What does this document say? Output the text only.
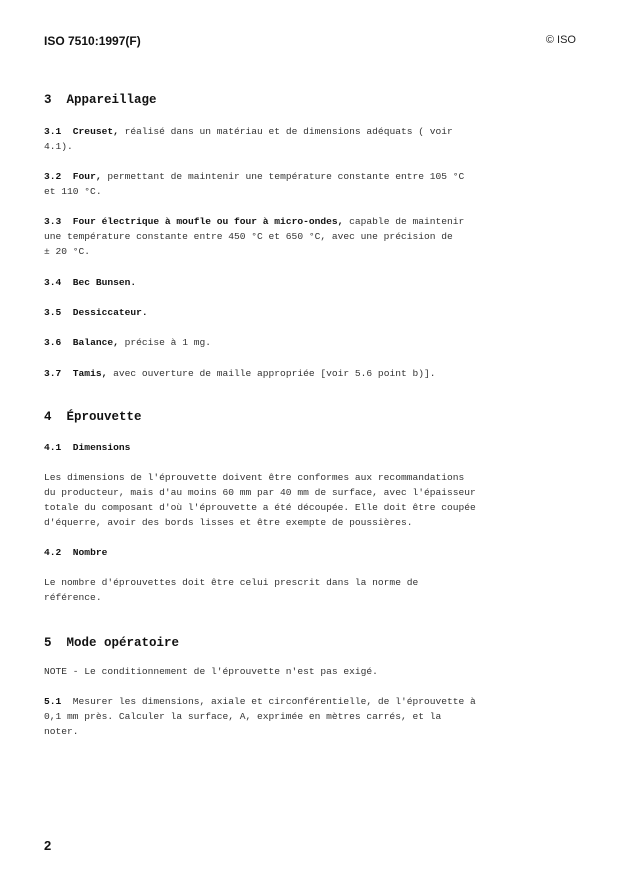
ISO 7510:1997(F)	© ISO
3  Appareillage
3.1 Creuset, réalisé dans un matériau et de dimensions adéquats ( voir
4.1).
3.2 Four, permettant de maintenir une température constante entre 105 °C
et 110 °C.
3.3 Four électrique à moufle ou four à micro-ondes, capable de maintenir
une température constante entre 450 °C et 650 °C, avec une précision de
± 20 °C.
3.4 Bec Bunsen.
3.5 Dessiccateur.
3.6 Balance, précise à 1 mg.
3.7 Tamis, avec ouverture de maille appropriée [voir 5.6 point b)].
4  Éprouvette
4.1 Dimensions
Les dimensions de l'éprouvette doivent être conformes aux recommandations
du producteur, mais d'au moins 60 mm par 40 mm de surface, avec l'épaisseur
totale du composant d'où l'éprouvette a été découpée. Elle doit être coupée
d'équerre, avoir des bords lisses et être exempte de poussières.
4.2 Nombre
Le nombre d'éprouvettes doit être celui prescrit dans la norme de
référence.
5  Mode opératoire
NOTE - Le conditionnement de l'éprouvette n'est pas exigé.
5.1 Mesurer les dimensions, axiale et circonférentielle, de l'éprouvette à
0,1 mm près. Calculer la surface, A, exprimée en mètres carrés, et la
noter.
2
